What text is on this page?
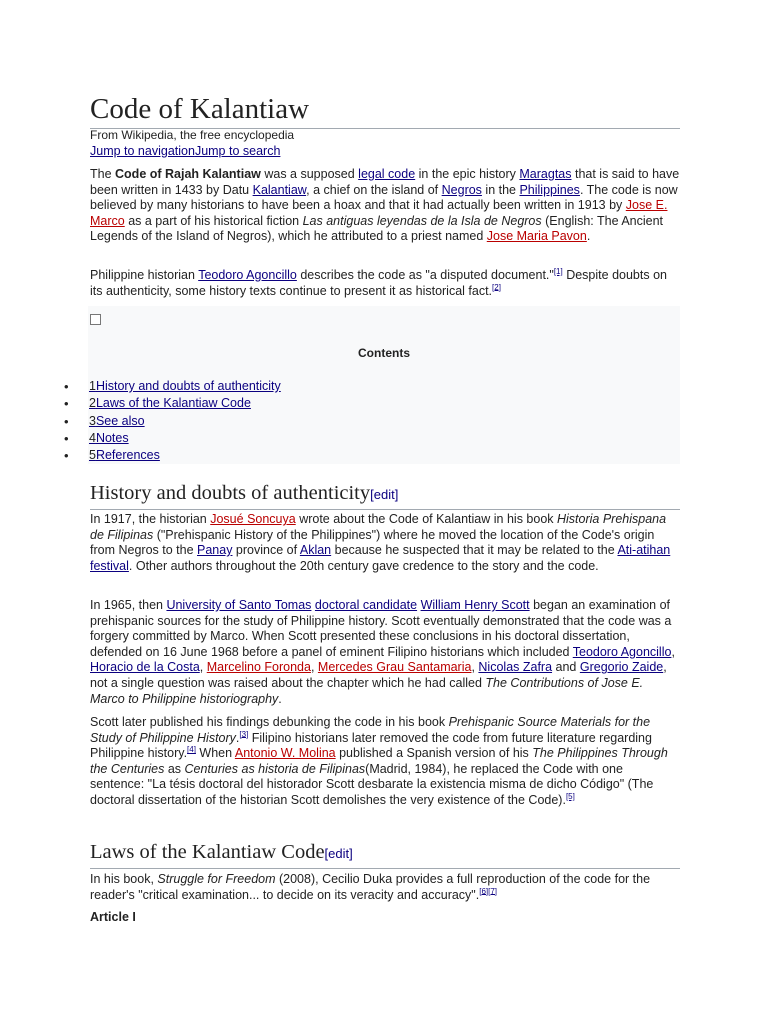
Code of Kalantiaw
From Wikipedia, the free encyclopedia
Jump to navigationJump to search

The Code of Rajah Kalantiaw was a supposed legal code in the epic history Maragtas that is said to have been written in 1433 by Datu Kalantiaw, a chief on the island of Negros in the Philippines. The code is now believed by many historians to have been a hoax and that it had actually been written in 1913 by Jose E. Marco as a part of his historical fiction Las antiguas leyendas de la Isla de Negros (English: The Ancient Legends of the Island of Negros), which he attributed to a priest named Jose Maria Pavon.

Philippine historian Teodoro Agoncillo describes the code as "a disputed document."[1] Despite doubts on its authenticity, some history texts continue to present it as historical fact.[2]

Contents
• 1History and doubts of authenticity
• 2Laws of the Kalantiaw Code
• 3See also
• 4Notes
• 5References
History and doubts of authenticity[edit]

In 1917, the historian Josué Soncuya wrote about the Code of Kalantiaw in his book Historia Prehispana de Filipinas ("Prehispanic History of the Philippines") where he moved the location of the Code's origin from Negros to the Panay province of Aklan because he suspected that it may be related to the Ati-atihan festival. Other authors throughout the 20th century gave credence to the story and the code.

In 1965, then University of Santo Tomas doctoral candidate William Henry Scott began an examination of prehispanic sources for the study of Philippine history. Scott eventually demonstrated that the code was a forgery committed by Marco. When Scott presented these conclusions in his doctoral dissertation, defended on 16 June 1968 before a panel of eminent Filipino historians which included Teodoro Agoncillo, Horacio de la Costa, Marcelino Foronda, Mercedes Grau Santamaria, Nicolas Zafra and Gregorio Zaide, not a single question was raised about the chapter which he had called The Contributions of Jose E. Marco to Philippine historiography.

Scott later published his findings debunking the code in his book Prehispanic Source Materials for the Study of Philippine History.[3] Filipino historians later removed the code from future literature regarding Philippine history.[4] When Antonio W. Molina published a Spanish version of his The Philippines Through the Centuries as Centuries as historia de Filipinas(Madrid, 1984), he replaced the Code with one sentence: "La tésis doctoral del historador Scott desbarate la existencia misma de dicho Código" (The doctoral dissertation of the historian Scott demolishes the very existence of the Code).[5]

Laws of the Kalantiaw Code[edit]

In his book, Struggle for Freedom (2008), Cecilio Duka provides a full reproduction of the code for the reader's "critical examination... to decide on its veracity and accuracy".[6][7]

Article I
